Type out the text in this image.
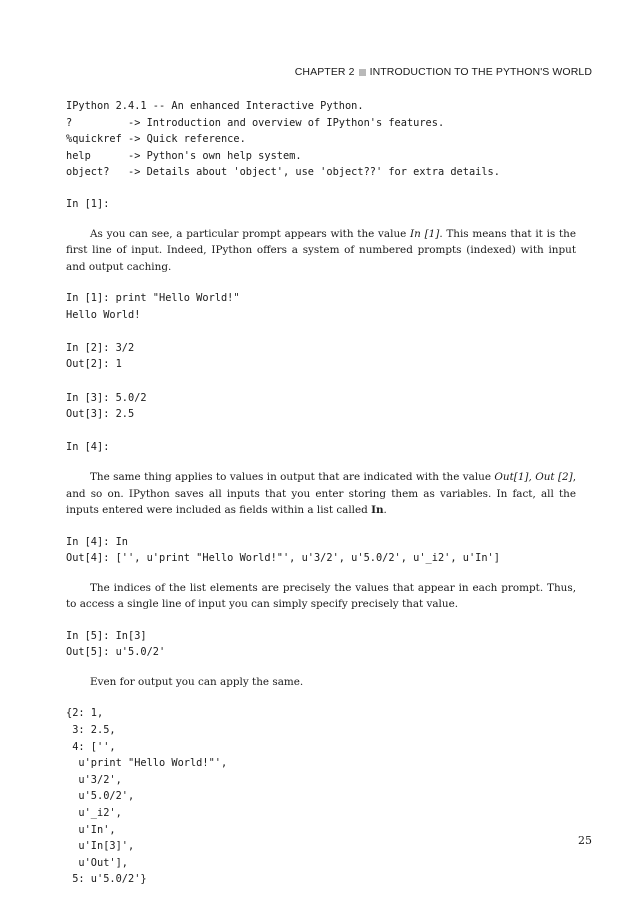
CHAPTER 2 INTRODUCTION TO THE PYTHON'S WORLD
IPython 2.4.1 -- An enhanced Interactive Python.
?         -> Introduction and overview of IPython's features.
%quickref -> Quick reference.
help      -> Python's own help system.
object?   -> Details about 'object', use 'object??' for extra details.
In [1]:

As you can see, a particular prompt appears with the value In [1]. This means that it is the first line of input. Indeed, IPython offers a system of numbered prompts (indexed) with input and output caching.

In [1]: print "Hello World!"
Hello World!

In [2]: 3/2
Out[2]: 1

In [3]: 5.0/2
Out[3]: 2.5

In [4]:

The same thing applies to values in output that are indicated with the value Out[1], Out [2], and so on. IPython saves all inputs that you enter storing them as variables. In fact, all the inputs entered were included as fields within a list called In.

In [4]: In
Out[4]: ['', u'print "Hello World!"', u'3/2', u'5.0/2', u'_i2', u'In']

The indices of the list elements are precisely the values that appear in each prompt. Thus, to access a single line of input you can simply specify precisely that value.

In [5]: In[3]
Out[5]: u'5.0/2'

Even for output you can apply the same.

{2: 1,
3: 2.5,
4: ['',
u'print "Hello World!"',
u'3/2',
u'5.0/2',
u'_i2',
u'In',
u'In[3]',
u'Out'],
5: u'5.0/2'}
25
